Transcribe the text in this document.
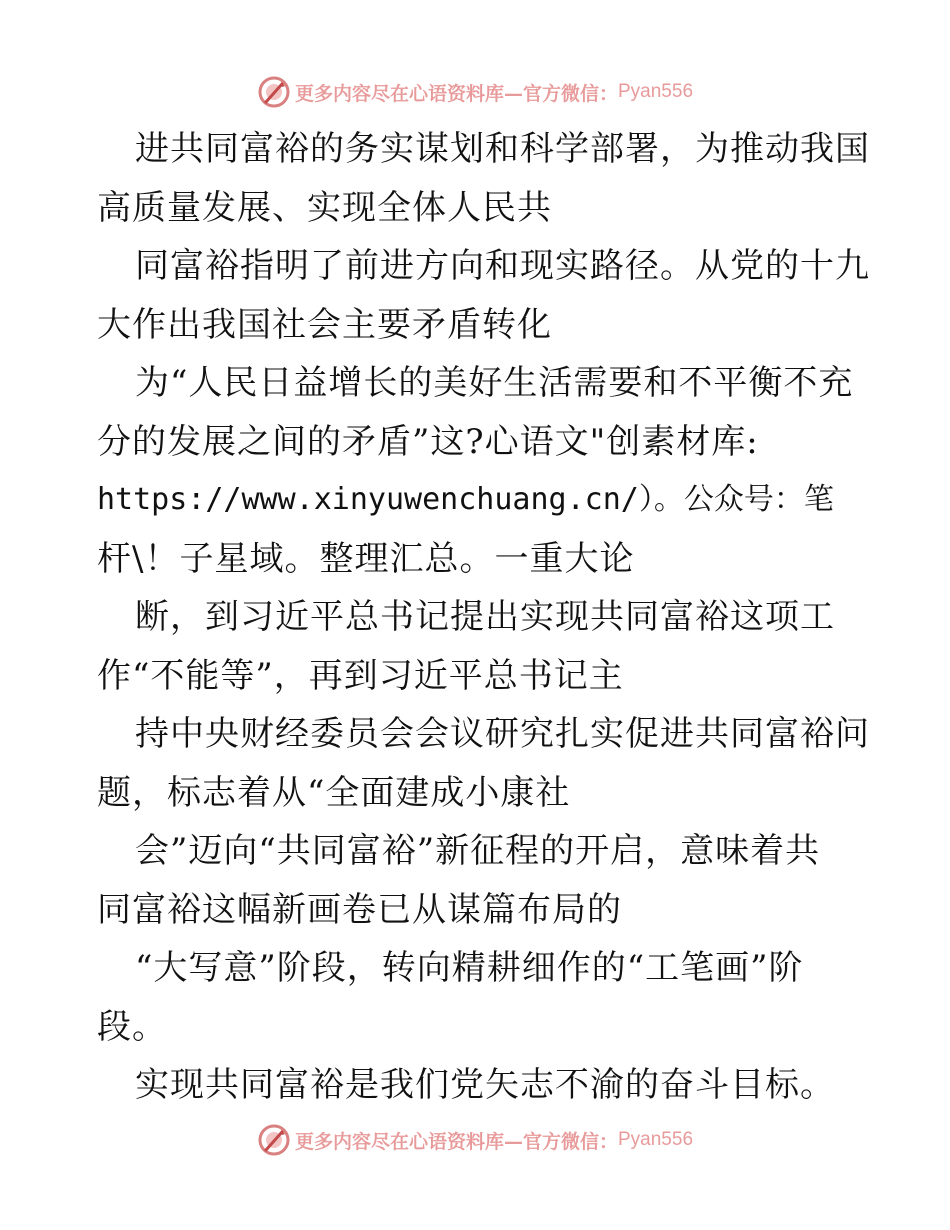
更多内容尽在心语资料库—官方微信： Pyan556
进共同富裕的务实谋划和科学部署，为推动我国
高质量发展、实现全体人民共
同富裕指明了前进方向和现实路径。从党的十九
大作出我国社会主要矛盾转化
为“人民日益增长的美好生活需要和不平衡不充
分的发展之间的矛盾”这?心语文"创素材库:
https://www.xinyuwenchuang.cn/）。公众号：笔
杆\！子星域。整理汇总。一重大论
断，到习近平总书记提出实现共同富裕这项工
作“不能等”，再到习近平总书记主
持中央财经委员会会议研究扎实促进共同富裕问
题，标志着从“全面建成小康社
会”迈向“共同富裕”新征程的开启，意味着共
同富裕这幅新画卷已从谋篇布局的
“大写意”阶段，转向精耕细作的“工笔画”阶
段。
实现共同富裕是我们党矢志不渝的奋斗目标。
更多内容尽在心语资料库—官方微信： Pyan556
